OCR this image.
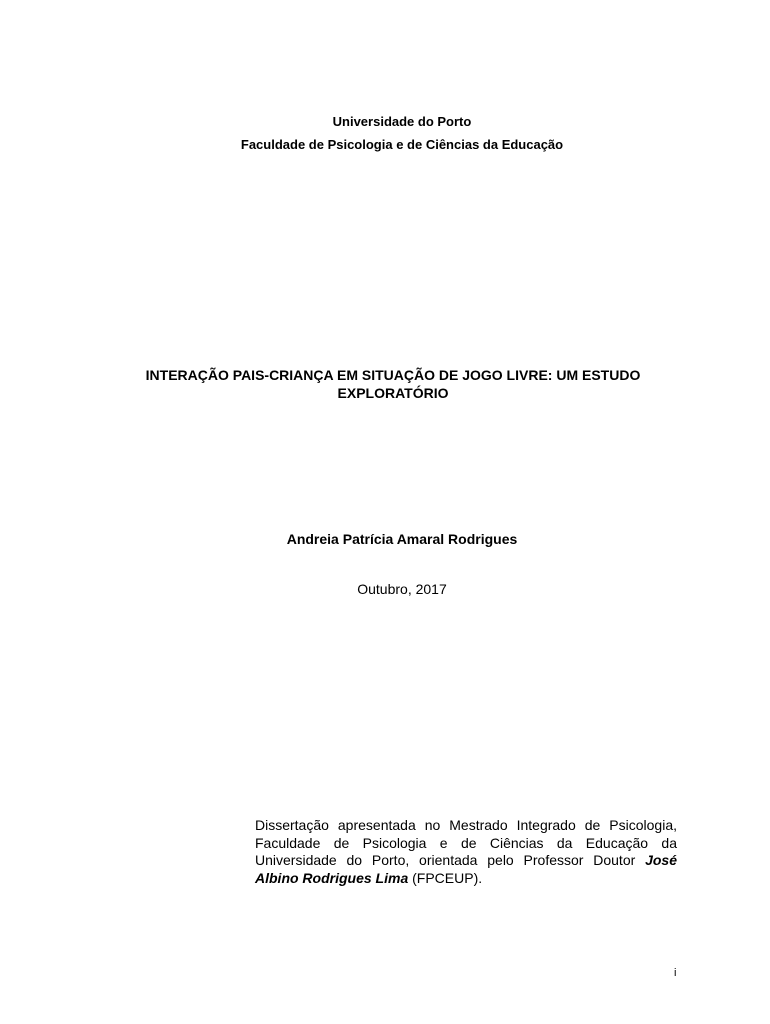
Universidade do Porto
Faculdade de Psicologia e de Ciências da Educação
INTERAÇÃO PAIS-CRIANÇA EM SITUAÇÃO DE JOGO LIVRE: UM ESTUDO
EXPLORATÓRIO
Andreia Patrícia Amaral Rodrigues
Outubro, 2017
Dissertação apresentada no Mestrado Integrado de Psicologia, Faculdade de Psicologia e de Ciências da Educação da Universidade do Porto, orientada pelo Professor Doutor José Albino Rodrigues Lima (FPCEUP).
i
